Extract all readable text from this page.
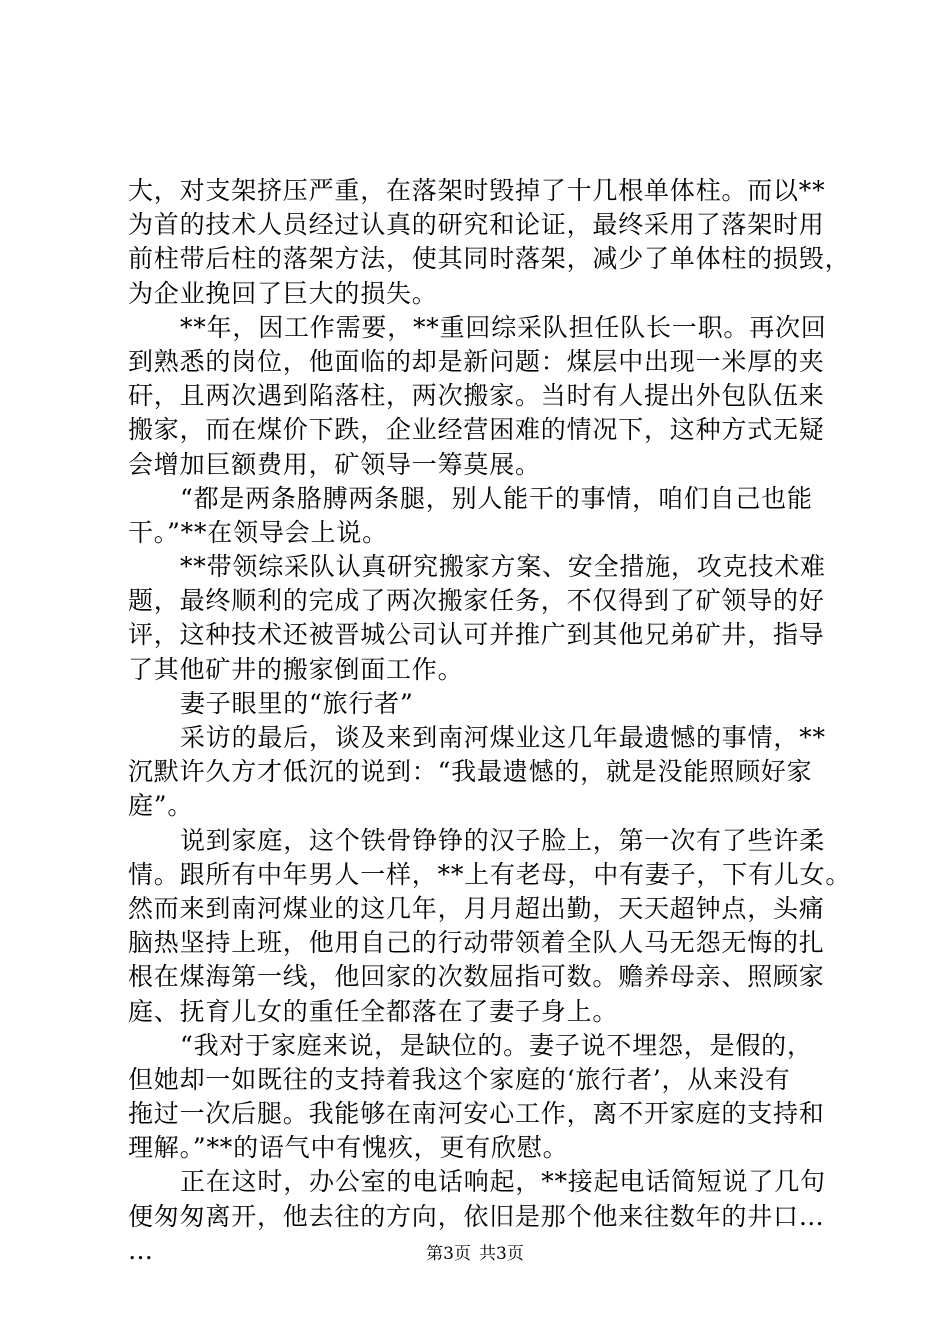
大，对支架挤压严重，在落架时毁掉了十几根单体柱。而以**
为首的技术人员经过认真的研究和论证，最终采用了落架时用
前柱带后柱的落架方法，使其同时落架，减少了单体柱的损毁，
为企业挽回了巨大的损失。
**年，因工作需要，**重回综采队担任队长一职。再次回
到熟悉的岗位，他面临的却是新问题：煤层中出现一米厚的夹
矸，且两次遇到陷落柱，两次搬家。当时有人提出外包队伍来
搬家，而在煤价下跌，企业经营困难的情况下，这种方式无疑
会增加巨额费用，矿领导一筹莫展。
“都是两条胳膊两条腿，别人能干的事情，咱们自己也能
干。”**在领导会上说。
**带领综采队认真研究搬家方案、安全措施，攻克技术难
题，最终顺利的完成了两次搬家任务，不仅得到了矿领导的好
评，这种技术还被晋城公司认可并推广到其他兄弟矿井，指导
了其他矿井的搬家倒面工作。
妻子眼里的“旅行者”
采访的最后，谈及来到南河煤业这几年最遗憾的事情，**
沉默许久方才低沉的说到：“我最遗憾的，就是没能照顾好家
庭”。
说到家庭，这个铁骨铮铮的汉子脸上，第一次有了些许柔
情。跟所有中年男人一样，**上有老母，中有妻子，下有儿女。
然而来到南河煤业的这几年，月月超出勤，天天超钟点，头痛
脑热坚持上班，他用自己的行动带领着全队人马无怨无悔的扎
根在煤海第一线，他回家的次数屈指可数。赡养母亲、照顾家
庭、抚育儿女的重任全都落在了妻子身上。
“我对于家庭来说，是缺位的。妻子说不埋怨，是假的，
但她却一如既往的支持着我这个家庭的‘旅行者’，从来没有
拖过一次后腿。我能够在南河安心工作，离不开家庭的支持和
理解。”**的语气中有愧疚，更有欣慰。
正在这时，办公室的电话响起，**接起电话简短说了几句
便匆匆离开，他去往的方向，依旧是那个他来往数年的井口…
…	第3页 共3页
